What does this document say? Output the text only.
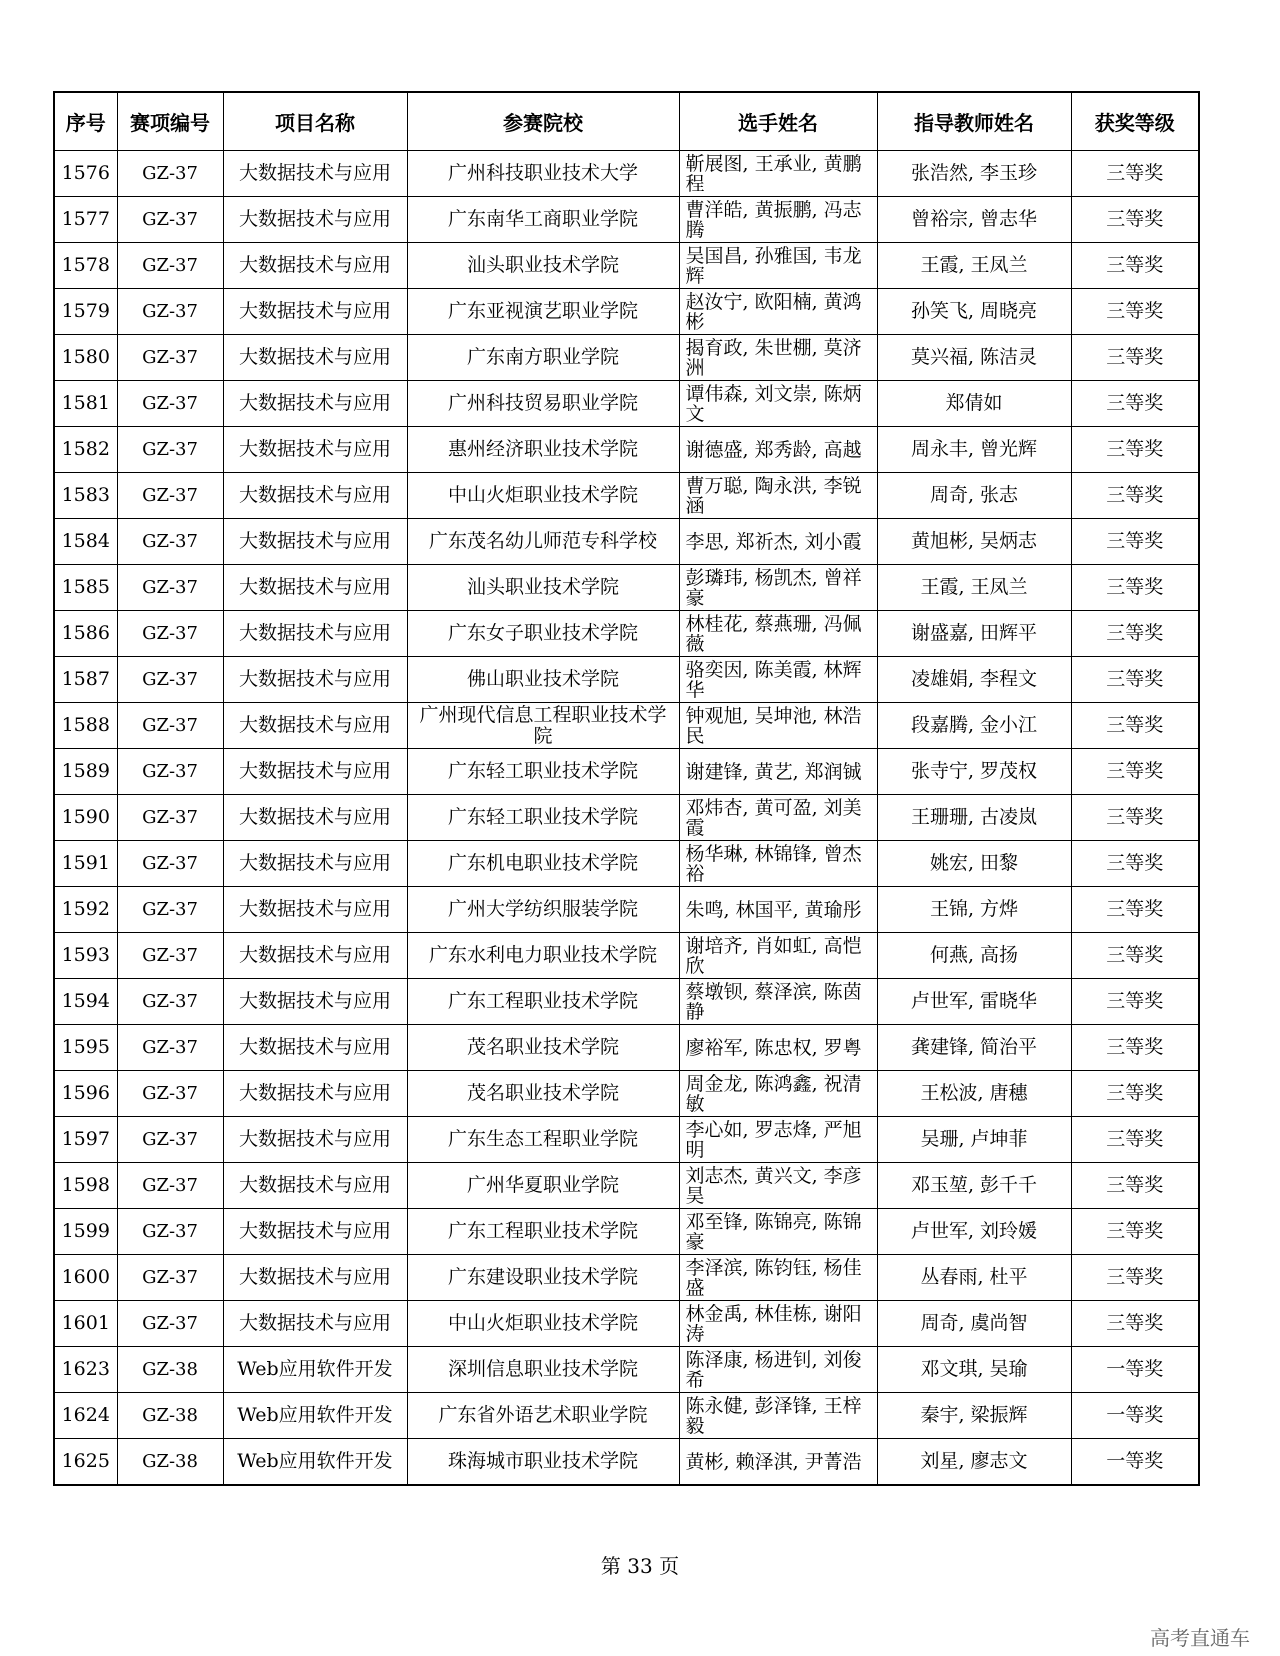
序号	赛项编号	项目名称	参赛院校	选手姓名	指导教师姓名	获奖等级
1576	GZ-37	大数据技术与应用	广州科技职业技术大学	靳展图, 王承业, 黄鹏程	张浩然, 李玉珍	三等奖
1577	GZ-37	大数据技术与应用	广东南华工商职业学院	曹洋皓, 黄振鹏, 冯志腾	曾裕宗, 曾志华	三等奖
1578	GZ-37	大数据技术与应用	汕头职业技术学院	吴国昌, 孙雅国, 韦龙辉	王霞, 王凤兰	三等奖
1579	GZ-37	大数据技术与应用	广东亚视演艺职业学院	赵汝宁, 欧阳楠, 黄鸿彬	孙笑飞, 周晓亮	三等奖
1580	GZ-37	大数据技术与应用	广东南方职业学院	揭育政, 朱世棚, 莫济洲	莫兴福, 陈洁灵	三等奖
1581	GZ-37	大数据技术与应用	广州科技贸易职业学院	谭伟森, 刘文崇, 陈炳文	郑倩如	三等奖
1582	GZ-37	大数据技术与应用	惠州经济职业技术学院	谢德盛, 郑秀龄, 高越	周永丰, 曾光辉	三等奖
1583	GZ-37	大数据技术与应用	中山火炬职业技术学院	曹万聪, 陶永洪, 李锐涵	周奇, 张志	三等奖
1584	GZ-37	大数据技术与应用	广东茂名幼儿师范专科学校	李思, 郑祈杰, 刘小霞	黄旭彬, 吴炳志	三等奖
1585	GZ-37	大数据技术与应用	汕头职业技术学院	彭璘玮, 杨凯杰, 曾祥豪	王霞, 王凤兰	三等奖
1586	GZ-37	大数据技术与应用	广东女子职业技术学院	林桂花, 蔡燕珊, 冯佩薇	谢盛嘉, 田辉平	三等奖
1587	GZ-37	大数据技术与应用	佛山职业技术学院	骆奕因, 陈美霞, 林辉华	凌雄娟, 李程文	三等奖
1588	GZ-37	大数据技术与应用	广州现代信息工程职业技术学院	钟观旭, 吴坤池, 林浩民	段嘉腾, 金小江	三等奖
1589	GZ-37	大数据技术与应用	广东轻工职业技术学院	谢建锋, 黄艺, 郑润铖	张寺宁, 罗茂权	三等奖
1590	GZ-37	大数据技术与应用	广东轻工职业技术学院	邓炜杏, 黄可盈, 刘美霞	王珊珊, 古凌岚	三等奖
1591	GZ-37	大数据技术与应用	广东机电职业技术学院	杨华琳, 林锦锋, 曾杰裕	姚宏, 田黎	三等奖
1592	GZ-37	大数据技术与应用	广州大学纺织服装学院	朱鸣, 林国平, 黄瑜彤	王锦, 方烨	三等奖
1593	GZ-37	大数据技术与应用	广东水利电力职业技术学院	谢培齐, 肖如虹, 高恺欣	何燕, 高扬	三等奖
1594	GZ-37	大数据技术与应用	广东工程职业技术学院	蔡墩钡, 蔡泽滨, 陈茵静	卢世军, 雷晓华	三等奖
1595	GZ-37	大数据技术与应用	茂名职业技术学院	廖裕军, 陈忠权, 罗粤	龚建锋, 简治平	三等奖
1596	GZ-37	大数据技术与应用	茂名职业技术学院	周金龙, 陈鸿鑫, 祝清敏	王松波, 唐穗	三等奖
1597	GZ-37	大数据技术与应用	广东生态工程职业学院	李心如, 罗志烽, 严旭明	吴珊, 卢坤菲	三等奖
1598	GZ-37	大数据技术与应用	广州华夏职业学院	刘志杰, 黄兴文, 李彦昊	邓玉堃, 彭千千	三等奖
1599	GZ-37	大数据技术与应用	广东工程职业技术学院	邓至锋, 陈锦亮, 陈锦豪	卢世军, 刘玲媛	三等奖
1600	GZ-37	大数据技术与应用	广东建设职业技术学院	李泽滨, 陈钧钰, 杨佳盛	丛春雨, 杜平	三等奖
1601	GZ-37	大数据技术与应用	中山火炬职业技术学院	林金禹, 林佳栋, 谢阳涛	周奇, 虞尚智	三等奖
1623	GZ-38	Web应用软件开发	深圳信息职业技术学院	陈泽康, 杨进钊, 刘俊希	邓文琪, 吴瑜	一等奖
1624	GZ-38	Web应用软件开发	广东省外语艺术职业学院	陈永健, 彭泽锋, 王梓毅	秦宇, 梁振辉	一等奖
1625	GZ-38	Web应用软件开发	珠海城市职业技术学院	黄彬, 赖泽淇, 尹菁浩	刘星, 廖志文	一等奖
第 33 页
高考直通车
